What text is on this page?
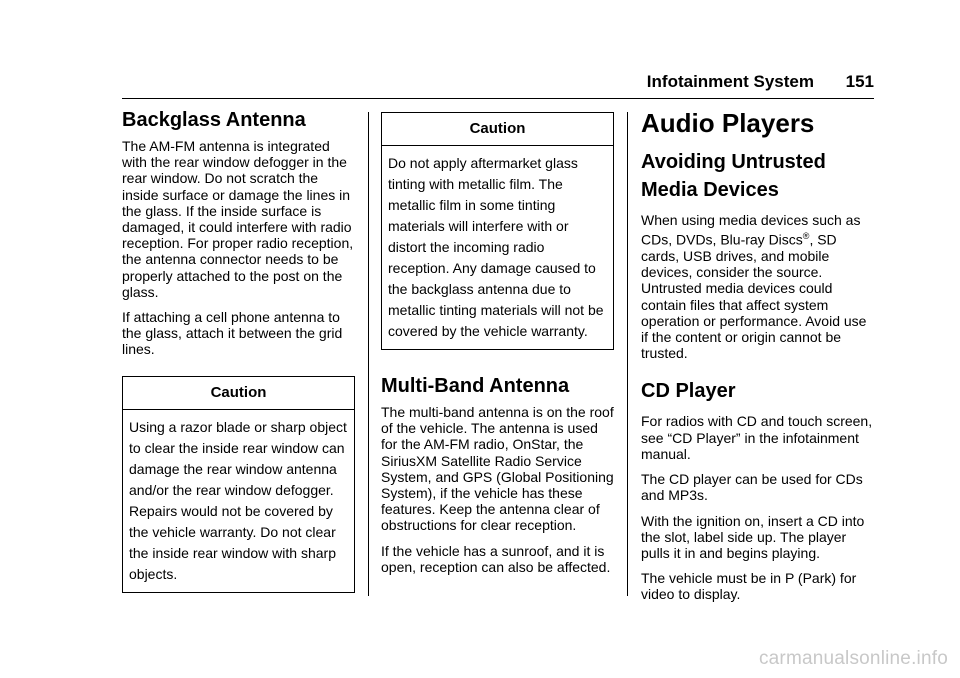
Infotainment System 151
Backglass Antenna

The AM-FM antenna is integrated with the rear window defogger in the rear window. Do not scratch the inside surface or damage the lines in the glass. If the inside surface is damaged, it could interfere with radio reception. For proper radio reception, the antenna connector needs to be properly attached to the post on the glass.

If attaching a cell phone antenna to the glass, attach it between the grid lines.

Caution
Using a razor blade or sharp object to clear the inside rear window can damage the rear window antenna and/or the rear window defogger. Repairs would not be covered by the vehicle warranty. Do not clear the inside rear window with sharp objects.
Caution
Do not apply aftermarket glass tinting with metallic film. The metallic film in some tinting materials will interfere with or distort the incoming radio reception. Any damage caused to the backglass antenna due to metallic tinting materials will not be covered by the vehicle warranty.
Multi-Band Antenna

The multi-band antenna is on the roof of the vehicle. The antenna is used for the AM-FM radio, OnStar, the SiriusXM Satellite Radio Service System, and GPS (Global Positioning System), if the vehicle has these features. Keep the antenna clear of obstructions for clear reception.

If the vehicle has a sunroof, and it is open, reception can also be affected.

Audio Players
Avoiding Untrusted Media Devices

When using media devices such as CDs, DVDs, Blu-ray Discs®, SD cards, USB drives, and mobile devices, consider the source. Untrusted media devices could contain files that affect system operation or performance. Avoid use if the content or origin cannot be trusted.

CD Player

For radios with CD and touch screen, see “CD Player” in the infotainment manual.

The CD player can be used for CDs and MP3s.

With the ignition on, insert a CD into the slot, label side up. The player pulls it in and begins playing.

The vehicle must be in P (Park) for video to display.

carmanualsonline.info
